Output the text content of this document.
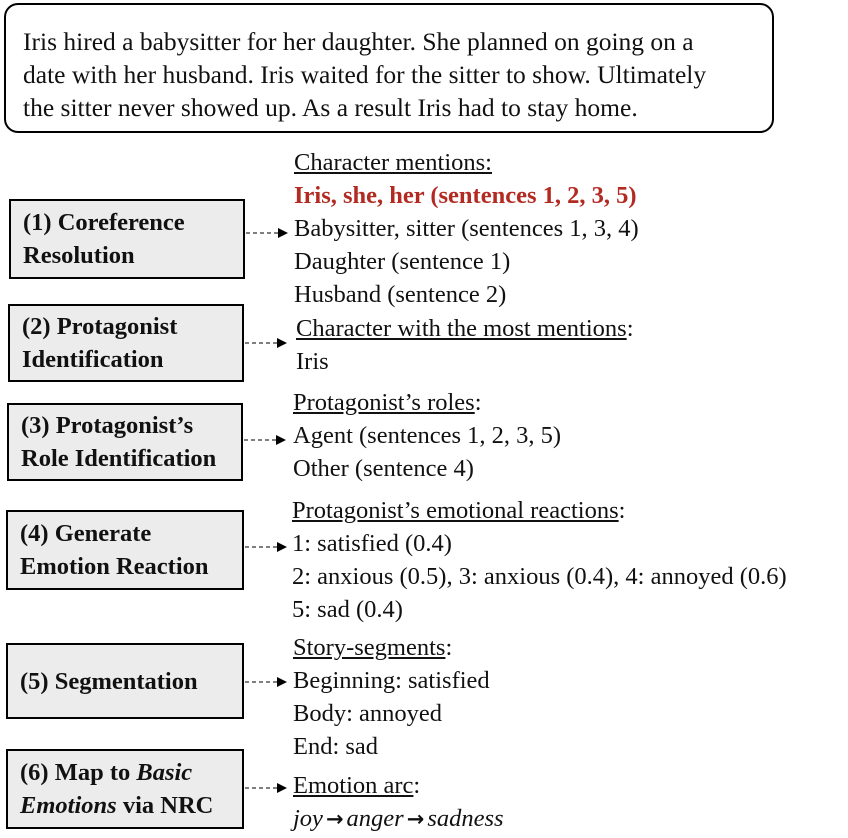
Iris hired a babysitter for her daughter. She planned on going on a
date with her husband. Iris waited for the sitter to show. Ultimately
the sitter never showed up. As a result Iris had to stay home.
(1) Coreference
Resolution
(2) Protagonist
Identification
(3) Protagonist’s
Role Identification
(4) Generate
Emotion Reaction
(5) Segmentation
(6) Map to Basic
Emotions via NRC
Character mentions:
Iris, she, her (sentences 1, 2, 3, 5)
Babysitter, sitter (sentences 1, 3, 4)
Daughter (sentence 1)
Husband (sentence 2)
Character with the most mentions:
Iris
Protagonist’s roles:
Agent (sentences 1, 2, 3, 5)
Other (sentence 4)
Protagonist’s emotional reactions:
1: satisfied (0.4)
2: anxious (0.5), 3: anxious (0.4), 4: annoyed (0.6)
5: sad (0.4)
Story-segments:
Beginning: satisfied
Body: annoyed
End: sad
Emotion arc:
joy → anger → sadness
